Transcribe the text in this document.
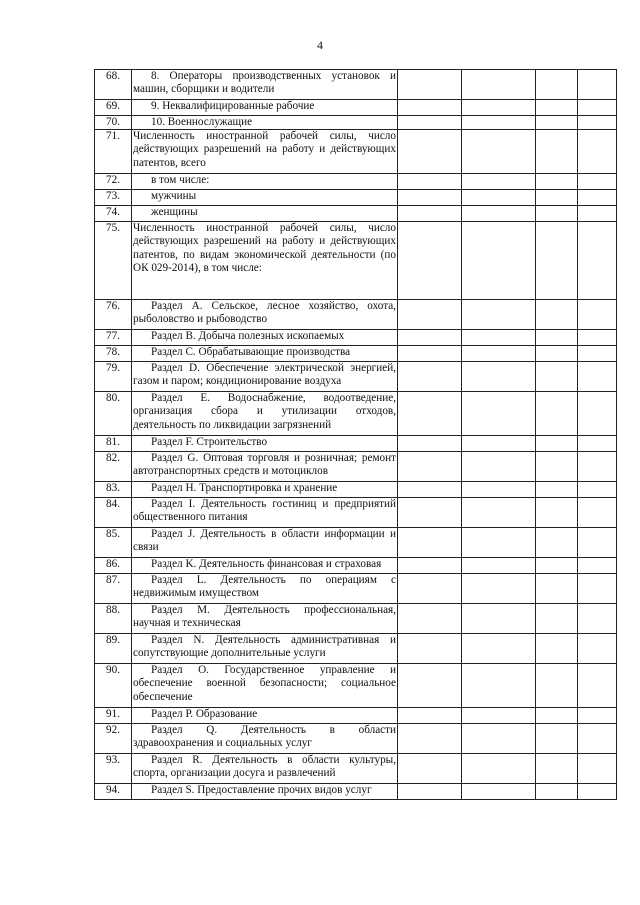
4
68.	8. Операторы производственных установок и машин, сборщики и водители				
69.	9. Неквалифицированные рабочие				
70.	10. Военнослужащие				
71.	Численность иностранной рабочей силы, число действующих разрешений на работу и действующих патентов, всего				
72.	в том числе:				
73.	мужчины				
74.	женщины				
75.	Численность иностранной рабочей силы, число действующих разрешений на работу и действующих патентов, по видам экономической деятельности (по ОК 029-2014), в том числе:				
76.	Раздел А. Сельское, лесное хозяйство, охота, рыболовство и рыбоводство				
77.	Раздел В. Добыча полезных ископаемых				
78.	Раздел С. Обрабатывающие производства				
79.	Раздел D. Обеспечение электрической энергией, газом и паром; кондиционирование воздуха				
80.	Раздел Е. Водоснабжение, водоотведение, организация сбора и утилизации отходов, деятельность по ликвидации загрязнений				
81.	Раздел F. Строительство				
82.	Раздел G. Оптовая торговля и розничная; ремонт автотранспортных средств и мотоциклов				
83.	Раздел Н. Транспортировка и хранение				
84.	Раздел I. Деятельность гостиниц и предприятий общественного питания				
85.	Раздел J. Деятельность в области информации и связи				
86.	Раздел K. Деятельность финансовая и страховая				
87.	Раздел L. Деятельность по операциям с недвижимым имуществом				
88.	Раздел М. Деятельность профессиональная, научная и техническая				
89.	Раздел N. Деятельность административная и сопутствующие дополнительные услуги				
90.	Раздел О. Государственное управление и обеспечение военной безопасности; социальное обеспечение				
91.	Раздел Р. Образование				
92.	Раздел Q. Деятельность в области здравоохранения и социальных услуг				
93.	Раздел R. Деятельность в области культуры, спорта, организации досуга и развлечений				
94.	Раздел S. Предоставление прочих видов услуг				
